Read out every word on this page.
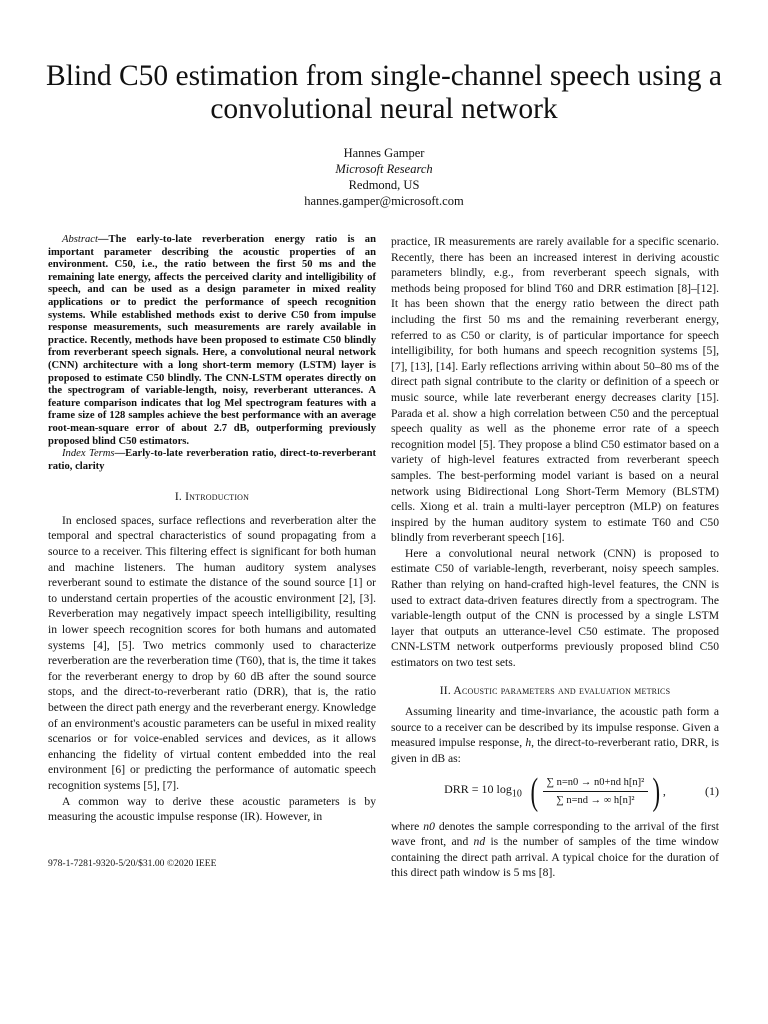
Blind C50 estimation from single-channel speech using a convolutional neural network
Hannes Gamper
Microsoft Research
Redmond, US
hannes.gamper@microsoft.com
Abstract—The early-to-late reverberation energy ratio is an important parameter describing the acoustic properties of an environment. C50, i.e., the ratio between the first 50 ms and the remaining late energy, affects the perceived clarity and intelligibility of speech, and can be used as a design parameter in mixed reality applications or to predict the performance of speech recognition systems. While established methods exist to derive C50 from impulse response measurements, such measurements are rarely available in practice. Recently, methods have been proposed to estimate C50 blindly from reverberant speech signals. Here, a convolutional neural network (CNN) architecture with a long short-term memory (LSTM) layer is proposed to estimate C50 blindly. The CNN-LSTM operates directly on the spectrogram of variable-length, noisy, reverberant utterances. A feature comparison indicates that log Mel spectrogram features with a frame size of 128 samples achieve the best performance with an average root-mean-square error of about 2.7 dB, outperforming previously proposed blind C50 estimators.
Index Terms—Early-to-late reverberation ratio, direct-to-reverberant ratio, clarity
I. Introduction

In enclosed spaces, surface reflections and reverberation alter the temporal and spectral characteristics of sound propagating from a source to a receiver. This filtering effect is significant for both human and machine listeners. The human auditory system analyses reverberant sound to estimate the distance of the sound source [1] or to understand certain properties of the acoustic environment [2], [3]. Reverberation may negatively impact speech intelligibility, resulting in lower speech recognition scores for both humans and automated systems [4], [5]. Two metrics commonly used to characterize reverberation are the reverberation time (T60), that is, the time it takes for the reverberant energy to drop by 60 dB after the sound source stops, and the direct-to-reverberant ratio (DRR), that is, the ratio between the direct path energy and the reverberant energy. Knowledge of an environment's acoustic parameters can be useful in mixed reality scenarios or for voice-enabled services and devices, as it allows enhancing the fidelity of virtual content embedded into the real environment [6] or predicting the performance of automatic speech recognition systems [5], [7].

A common way to derive these acoustic parameters is by measuring the acoustic impulse response (IR). However, in

practice, IR measurements are rarely available for a specific scenario. Recently, there has been an increased interest in deriving acoustic parameters blindly, e.g., from reverberant speech signals, with methods being proposed for blind T60 and DRR estimation [8]–[12]. It has been shown that the energy ratio between the direct path including the first 50 ms and the remaining reverberant energy, referred to as C50 or clarity, is of particular importance for speech intelligibility, for both humans and speech recognition systems [5], [7], [13], [14]. Early reflections arriving within about 50–80 ms of the direct path signal contribute to the clarity or definition of a speech or music source, while late reverberant energy decreases clarity [15]. Parada et al. show a high correlation between C50 and the perceptual speech quality as well as the phoneme error rate of a speech recognition model [5]. They propose a blind C50 estimator based on a variety of high-level features extracted from reverberant speech samples. The best-performing model variant is based on a neural network using Bidirectional Long Short-Term Memory (BLSTM) cells. Xiong et al. train a multi-layer perceptron (MLP) on features inspired by the human auditory system to estimate T60 and C50 blindly from reverberant speech [16].

Here a convolutional neural network (CNN) is proposed to estimate C50 of variable-length, reverberant, noisy speech samples. Rather than relying on hand-crafted high-level features, the CNN is used to extract data-driven features directly from a spectrogram. The variable-length output of the CNN is processed by a single LSTM layer that outputs an utterance-level C50 estimate. The proposed CNN-LSTM network outperforms previously proposed blind C50 estimators on two test sets.

II. Acoustic parameters and evaluation metrics

Assuming linearity and time-invariance, the acoustic path form a source to a receiver can be described by its impulse response. Given a measured impulse response, h, the direct-to-reverberant ratio, DRR, is given in dB as:

DRR = 10 $\log_{10}$ ( $\frac{\text{∑ n=n0 → n0+nd h[n]²}}{\text{∑ n=nd → ∞ h[n]²}}$ ) ,	(1)

where n0 denotes the sample corresponding to the arrival of the first wave front, and nd is the number of samples of the time window containing the direct path arrival. A typical choice for the duration of this direct path window is 5 ms [8].

978-1-7281-9320-5/20/$31.00 ©2020 IEEE
